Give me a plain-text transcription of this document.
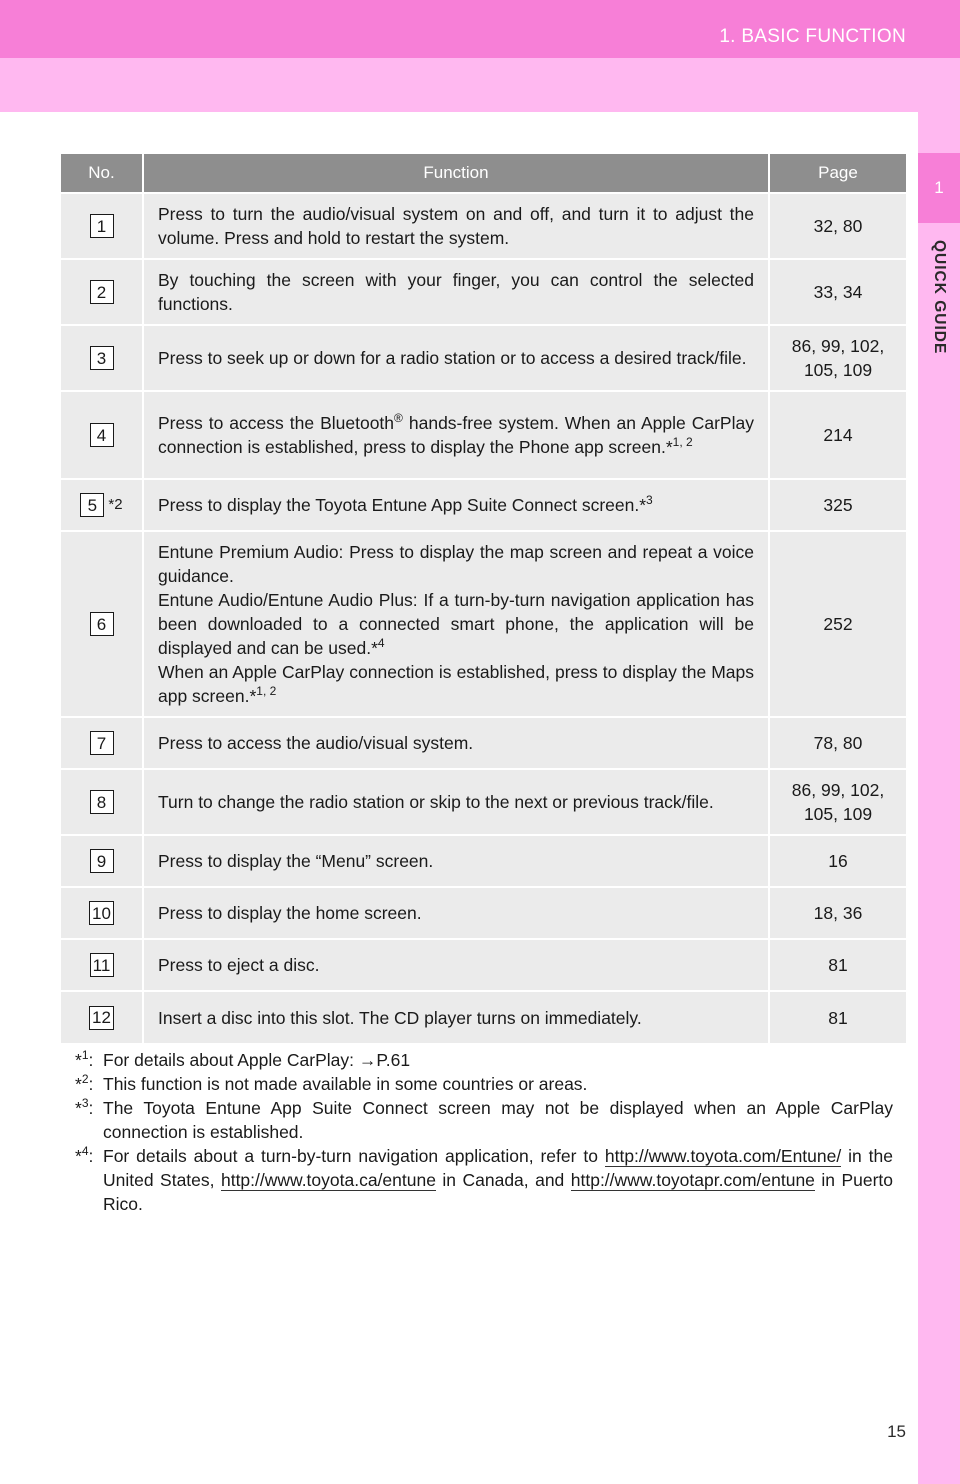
1. BASIC FUNCTION
1
QUICK GUIDE
No.	Function	Page
1	Press to turn the audio/visual system on and off, and turn it to adjust the volume. Press and hold to restart the system.	32, 80
2	By touching the screen with your finger, you can control the selected functions.	33, 34
3	Press to seek up or down for a radio station or to access a desired track/file.	86, 99, 102, 105, 109
4	Press to access the Bluetooth® hands-free system. When an Apple CarPlay connection is established, press to display the Phone app screen.*$^{1, 2}$	214
5 *2	Press to display the Toyota Entune App Suite Connect screen.*$^3$	325
6	Entune Premium Audio: Press to display the map screen and repeat a voice guidance.
Entune Audio/Entune Audio Plus: If a turn-by-turn navigation application has been downloaded to a connected smart phone, the application will be displayed and can be used.*$^4$
When an Apple CarPlay connection is established, press to display the Maps app screen.*$^{1, 2}$	252
7	Press to access the audio/visual system.	78, 80
8	Turn to change the radio station or skip to the next or previous track/file.	86, 99, 102, 105, 109
9	Press to display the “Menu” screen.	16
10	Press to display the home screen.	18, 36
11	Press to eject a disc.	81
12	Insert a disc into this slot. The CD player turns on immediately.	81
*$^1$: For details about Apple CarPlay: →P.61
*$^2$: This function is not made available in some countries or areas.
*$^3$: The Toyota Entune App Suite Connect screen may not be displayed when an Apple CarPlay connection is established.
*$^4$: For details about a turn-by-turn navigation application, refer to http://www.toyota.com/Entune/ in the United States, http://www.toyota.ca/entune in Canada, and http://www.toyotapr.com/entune in Puerto Rico.
15
